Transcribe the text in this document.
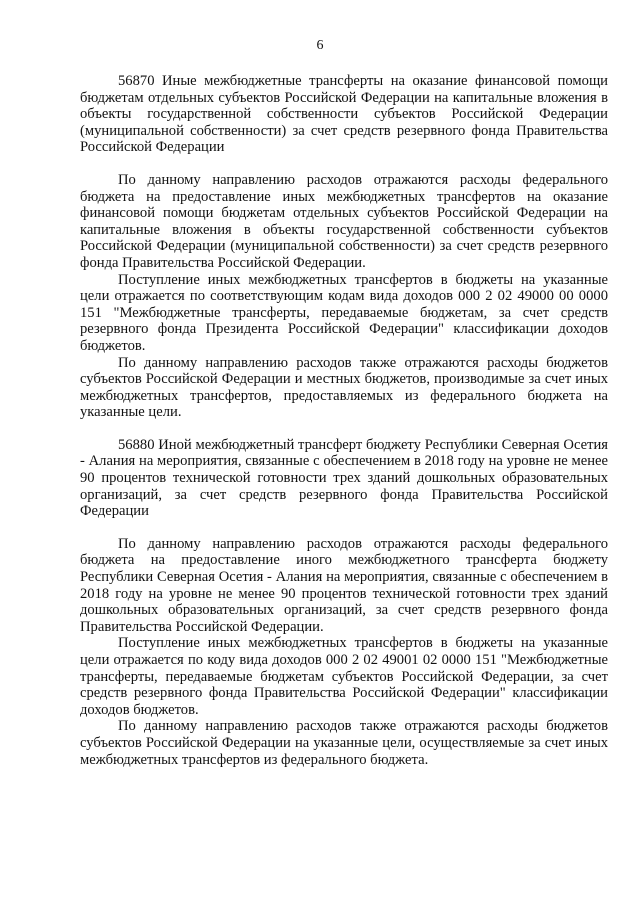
6

56870 Иные межбюджетные трансферты на оказание финансовой помощи бюджетам отдельных субъектов Российской Федерации на капитальные вложения в объекты государственной собственности субъектов Российской Федерации (муниципальной собственности) за счет средств резервного фонда Правительства Российской Федерации

По данному направлению расходов отражаются расходы федерального бюджета на предоставление иных межбюджетных трансфертов на оказание финансовой помощи бюджетам отдельных субъектов Российской Федерации на капитальные вложения в объекты государственной собственности субъектов Российской Федерации (муниципальной собственности) за счет средств резервного фонда Правительства Российской Федерации.

Поступление иных межбюджетных трансфертов в бюджеты на указанные цели отражается по соответствующим кодам вида доходов 000 2 02 49000 00 0000 151 "Межбюджетные трансферты, передаваемые бюджетам, за счет средств резервного фонда Президента Российской Федерации" классификации доходов бюджетов.

По данному направлению расходов также отражаются расходы бюджетов субъектов Российской Федерации и местных бюджетов, производимые за счет иных межбюджетных трансфертов, предоставляемых из федерального бюджета на указанные цели.

56880 Иной межбюджетный трансферт бюджету Республики Северная Осетия - Алания на мероприятия, связанные с обеспечением в 2018 году на уровне не менее 90 процентов технической готовности трех зданий дошкольных образовательных организаций, за счет средств резервного фонда Правительства Российской Федерации

По данному направлению расходов отражаются расходы федерального бюджета на предоставление иного межбюджетного трансферта бюджету Республики Северная Осетия - Алания на мероприятия, связанные с обеспечением в 2018 году на уровне не менее 90 процентов технической готовности трех зданий дошкольных образовательных организаций, за счет средств резервного фонда Правительства Российской Федерации.

Поступление иных межбюджетных трансфертов в бюджеты на указанные цели отражается по коду вида доходов 000 2 02 49001 02 0000 151 "Межбюджетные трансферты, передаваемые бюджетам субъектов Российской Федерации, за счет средств резервного фонда Правительства Российской Федерации" классификации доходов бюджетов.

По данному направлению расходов также отражаются расходы бюджетов субъектов Российской Федерации на указанные цели, осуществляемые за счет иных межбюджетных трансфертов из федерального бюджета.
